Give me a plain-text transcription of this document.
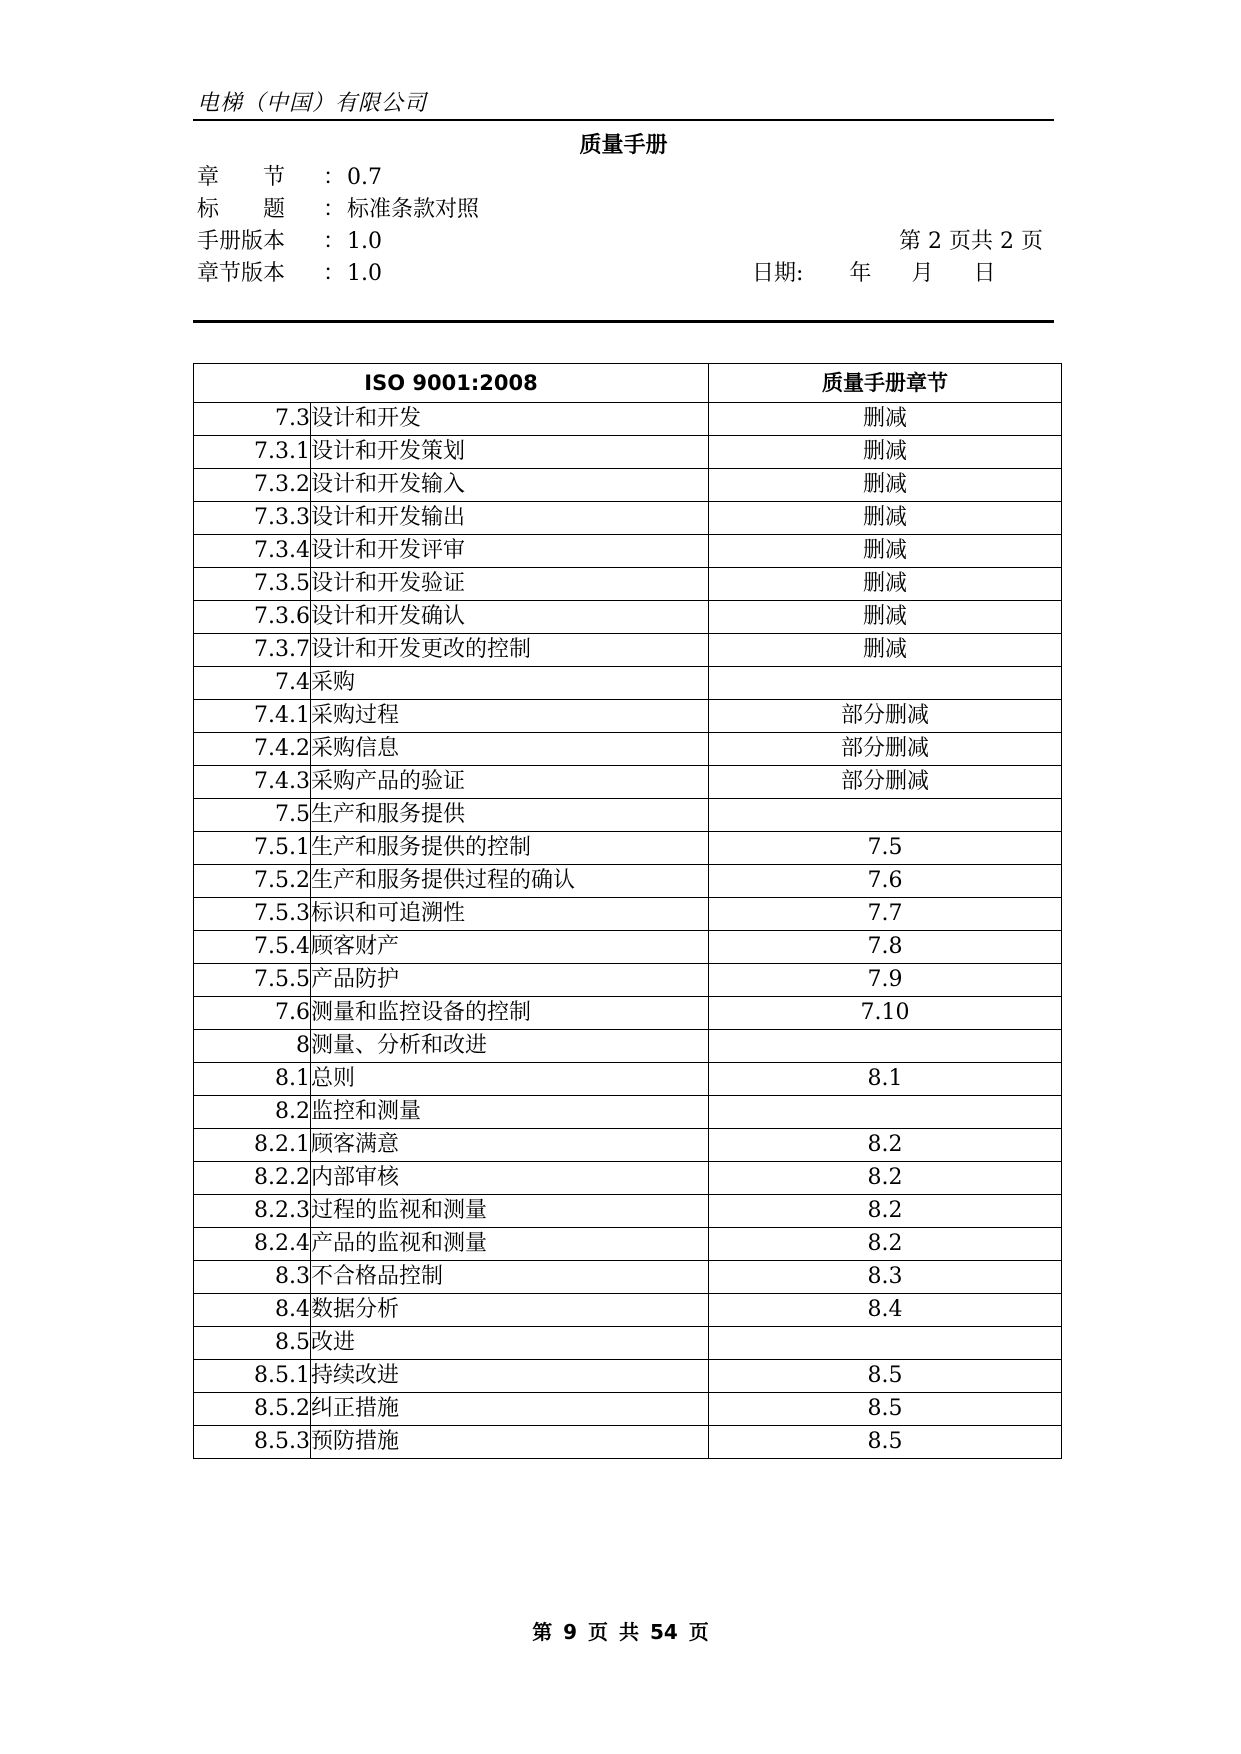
电梯（中国）有限公司
质量手册
章　　节 ：0.7
标　　题 ：标准条款对照
手册版本 ：1.0
章节版本 ：1.0
第 2 页共 2 页
日期: 年 月 日
ISO 9001:2008		质量手册章节
7.3	设计和开发	删减
7.3.1	设计和开发策划	删减
7.3.2	设计和开发输入	删减
7.3.3	设计和开发输出	删减
7.3.4	设计和开发评审	删减
7.3.5	设计和开发验证	删减
7.3.6	设计和开发确认	删减
7.3.7	设计和开发更改的控制	删减
7.4	采购	
7.4.1	采购过程	部分删减
7.4.2	采购信息	部分删减
7.4.3	采购产品的验证	部分删减
7.5	生产和服务提供	
7.5.1	生产和服务提供的控制	7.5
7.5.2	生产和服务提供过程的确认	7.6
7.5.3	标识和可追溯性	7.7
7.5.4	顾客财产	7.8
7.5.5	产品防护	7.9
7.6	测量和监控设备的控制	7.10
8	测量、分析和改进	
8.1	总则	8.1
8.2	监控和测量	
8.2.1	顾客满意	8.2
8.2.2	内部审核	8.2
8.2.3	过程的监视和测量	8.2
8.2.4	产品的监视和测量	8.2
8.3	不合格品控制	8.3
8.4	数据分析	8.4
8.5	改进	
8.5.1	持续改进	8.5
8.5.2	纠正措施	8.5
8.5.3	预防措施	8.5
第 9 页 共 54 页
